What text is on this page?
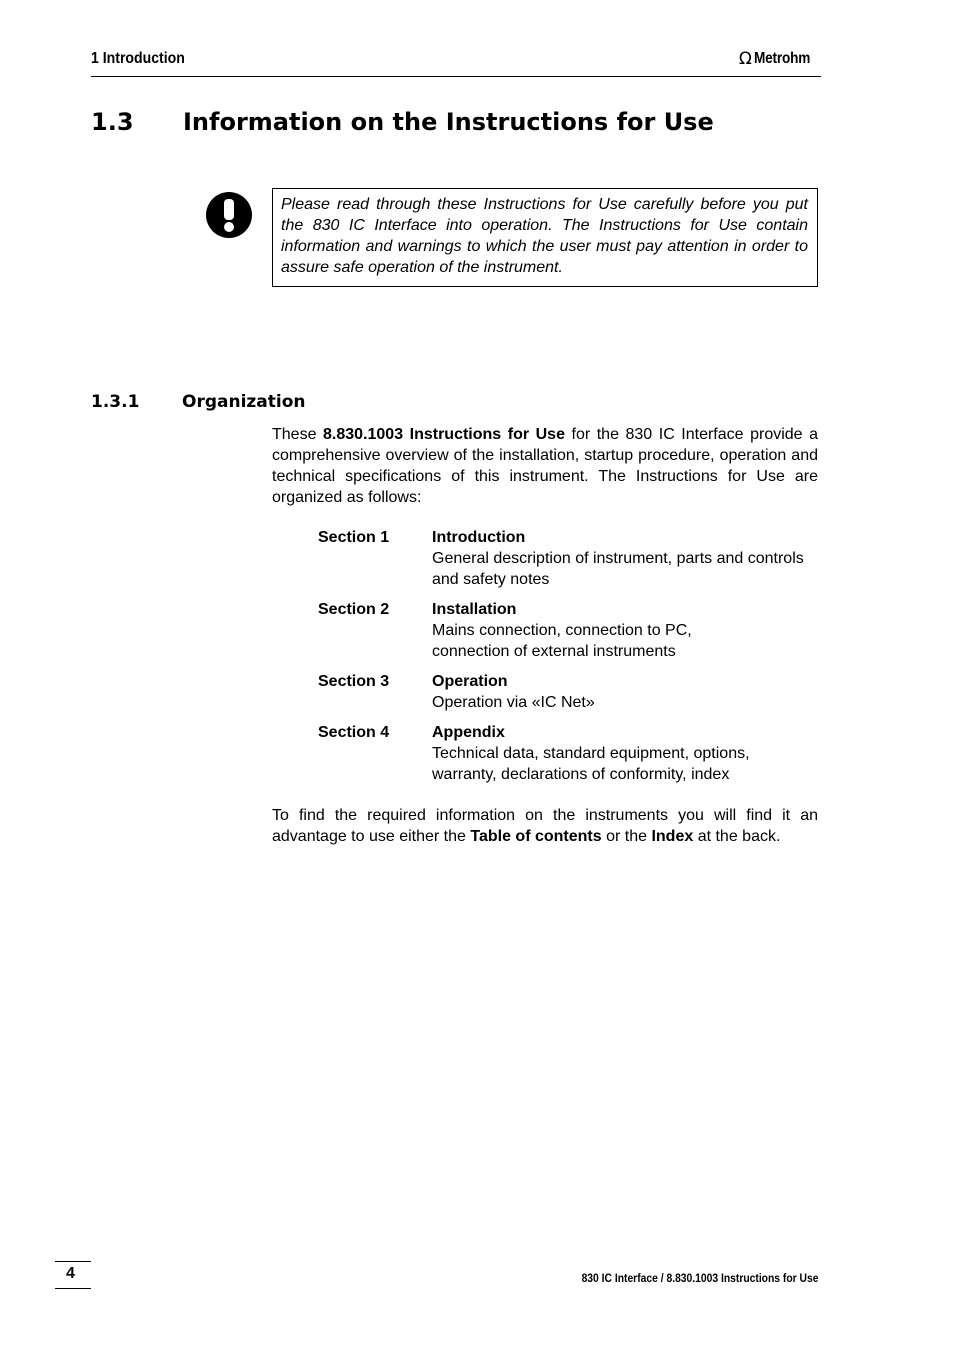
1 Introduction	Ω Metrohm
1.3	Information on the Instructions for Use
Please read through these Instructions for Use carefully before you put the 830 IC Interface into operation. The Instructions for Use contain information and warnings to which the user must pay attention in order to assure safe operation of the instrument.
1.3.1	Organization
These 8.830.1003 Instructions for Use for the 830 IC Interface provide a comprehensive overview of the installation, startup procedure, operation and technical specifications of this instrument. The Instructions for Use are organized as follows:
Section 1	Introduction
General description of instrument, parts and controls and safety notes
Section 2	Installation
Mains connection, connection to PC,
connection of external instruments
Section 3	Operation
Operation via «IC Net»
Section 4	Appendix
Technical data, standard equipment, options, warranty, declarations of conformity, index
To find the required information on the instruments you will find it an advantage to use either the Table of contents or the Index at the back.
4	830 IC Interface / 8.830.1003 Instructions for Use
